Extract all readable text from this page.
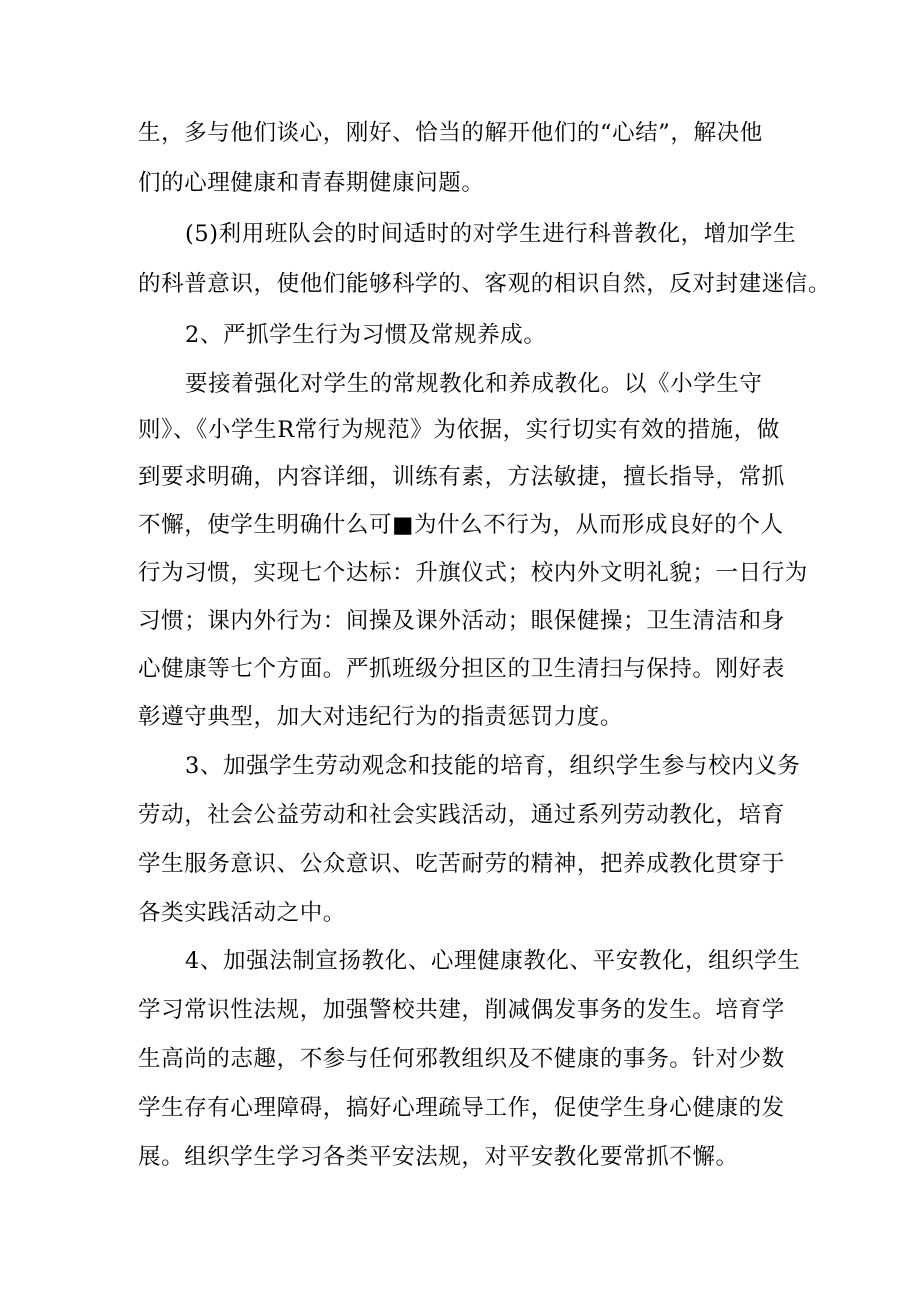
生，多与他们谈心，刚好、恰当的解开他们的“心结”，解决他
们的心理健康和青春期健康问题。
(5)利用班队会的时间适时的对学生进行科普教化，增加学生
的科普意识，使他们能够科学的、客观的相识自然，反对封建迷信。
2、严抓学生行为习惯及常规养成。
要接着强化对学生的常规教化和养成教化。以《小学生守
则》、《小学生R常行为规范》为依据，实行切实有效的措施，做
到要求明确，内容详细，训练有素，方法敏捷，擅长指导，常抓
不懈，使学生明确什么可■为什么不行为，从而形成良好的个人
行为习惯，实现七个达标：升旗仪式；校内外文明礼貌；一日行为
习惯；课内外行为：间操及课外活动；眼保健操；卫生清洁和身
心健康等七个方面。严抓班级分担区的卫生清扫与保持。刚好表
彰遵守典型，加大对违纪行为的指责惩罚力度。
3、加强学生劳动观念和技能的培育，组织学生参与校内义务
劳动，社会公益劳动和社会实践活动，通过系列劳动教化，培育
学生服务意识、公众意识、吃苦耐劳的精神，把养成教化贯穿于
各类实践活动之中。
4、加强法制宣扬教化、心理健康教化、平安教化，组织学生
学习常识性法规，加强警校共建，削减偶发事务的发生。培育学
生高尚的志趣，不参与任何邪教组织及不健康的事务。针对少数
学生存有心理障碍，搞好心理疏导工作，促使学生身心健康的发
展。组织学生学习各类平安法规，对平安教化要常抓不懈。
